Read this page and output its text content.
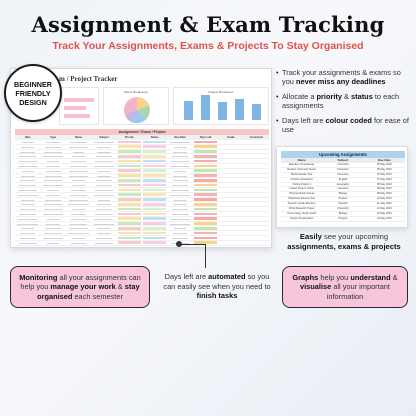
Assignment & Exam Tracking
Track Your Assignments, Exams & Projects To Stay Organised
m / Project Tracker
Status Breakdown	Subject Breakdown
Assignment / Exam / Project
Date	Type	Name	Subject	Priority	Status	Due Date	Days Left	Grade	Comments
BEGINNER FRIENDLY DESIGN
• Track your assignments & exams so you never miss any deadlines
• Allocate a priority & status to each assignments
• Days left are colour coded for ease of use
Upcoming Assignments
Name	Subject	Due Date
Reaction Times Essay	Chemistry	05 May 2022
Reactor Chemistry Exam	Chemistry	06 May 2022
Berlin Debate Test	Chemistry	07 May 2022
Criticism Questions	English	07 May 2022
Outline Project 1	Geography	08 May 2022
Linked Project Online	Literature	09 May 2022
Photosynthesis Essay	Biology	09 May 2022
Playbooks Review Test	Physics	10 May 2022
Spanish Vocab Revision	Spanish	11 May 2022
Write Research Paper	Chemistry	12 May 2022
Immunology Study Cards	Biology	13 May 2022
Project Presentation	Physics	14 May 2022
Easily see your upcoming assignments, exams & projects
Monitoring all your assignments can help you manage your work & stay organised each semester
Days left are automated so you can easily see when you need to finish tasks
Graphs help you understand & visualise all your important information
